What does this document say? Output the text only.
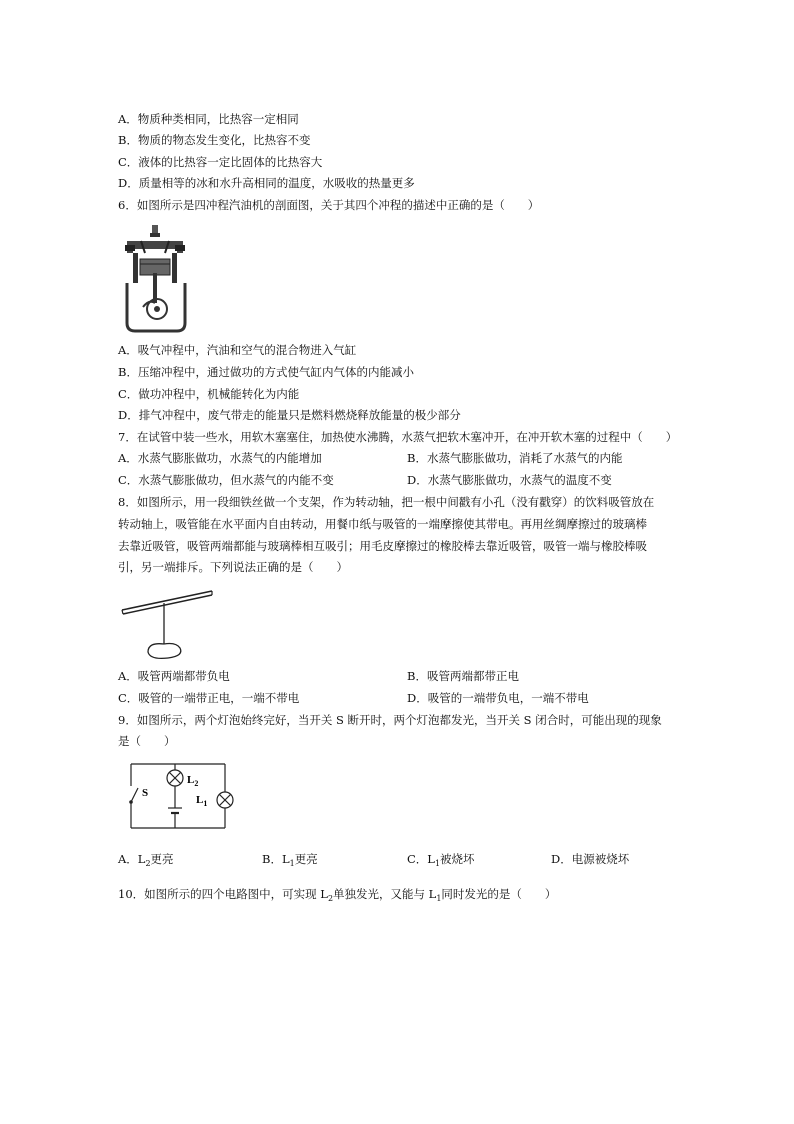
A．物质种类相同，比热容一定相同
B．物质的物态发生变化，比热容不变
C．液体的比热容一定比固体的比热容大
D．质量相等的冰和水升高相同的温度，水吸收的热量更多
6．如图所示是四冲程汽油机的剖面图，关于其四个冲程的描述中正确的是（　　）
A．吸气冲程中，汽油和空气的混合物进入气缸
B．压缩冲程中，通过做功的方式使气缸内气体的内能减小
C．做功冲程中，机械能转化为内能
D．排气冲程中，废气带走的能量只是燃料燃烧释放能量的极少部分
7．在试管中装一些水，用软木塞塞住，加热使水沸腾，水蒸气把软木塞冲开，在冲开软木塞的过程中（　　）
A．水蒸气膨胀做功，水蒸气的内能增加	B．水蒸气膨胀做功，消耗了水蒸气的内能
C．水蒸气膨胀做功，但水蒸气的内能不变	D．水蒸气膨胀做功，水蒸气的温度不变
8．如图所示，用一段细铁丝做一个支架，作为转动轴，把一根中间戳有小孔（没有戳穿）的饮料吸管放在
转动轴上，吸管能在水平面内自由转动，用餐巾纸与吸管的一端摩擦使其带电。再用丝绸摩擦过的玻璃棒
去靠近吸管，吸管两端都能与玻璃棒相互吸引；用毛皮摩擦过的橡胶棒去靠近吸管，吸管一端与橡胶棒吸
引，另一端排斥。下列说法正确的是（　　）
A．吸管两端都带负电	B．吸管两端都带正电
C．吸管的一端带正电，一端不带电	D．吸管的一端带负电，一端不带电
9．如图所示，两个灯泡始终完好，当开关 S 断开时，两个灯泡都发光，当开关 S 闭合时，可能出现的现象
是（　　）
S
$L_2$
$L_1$
A．$L_2$更亮	B．$L_1$更亮	C．$L_1$被烧坏	D．电源被烧坏
10．如图所示的四个电路图中，可实现 $L_2$单独发光，又能与 $L_1$同时发光的是（　　）
